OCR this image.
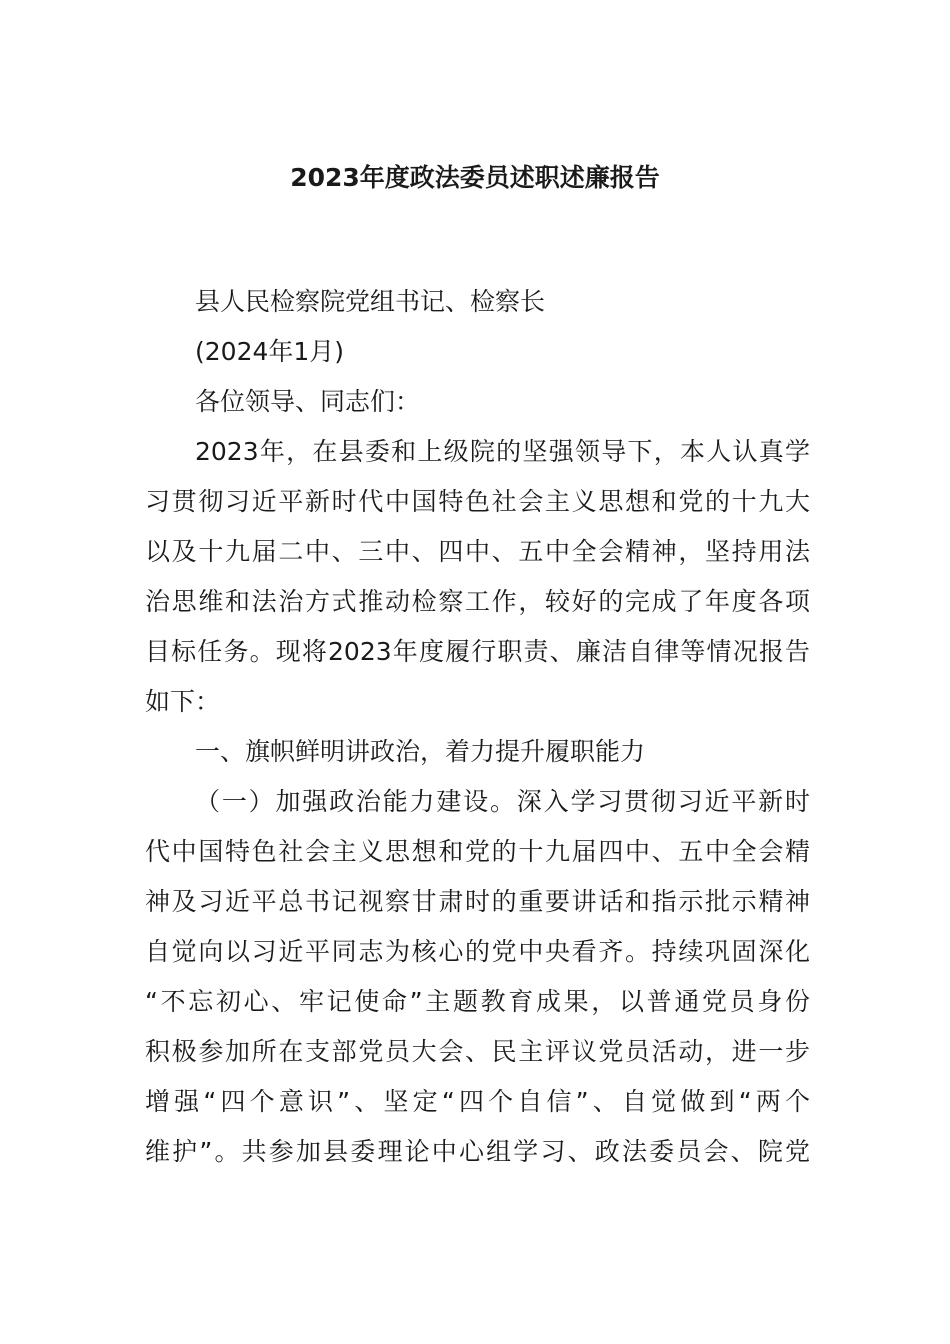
2023年度政法委员述职述廉报告

县人民检察院党组书记、检察长

(2024年1月)

各位领导、同志们：

2023年，在县委和上级院的坚强领导下，本人认真学

习贯彻习近平新时代中国特色社会主义思想和党的十九大

以及十九届二中、三中、四中、五中全会精神，坚持用法

治思维和法治方式推动检察工作，较好的完成了年度各项

目标任务。现将2023年度履行职责、廉洁自律等情况报告

如下：

一、旗帜鲜明讲政治，着力提升履职能力

（一）加强政治能力建设。深入学习贯彻习近平新时

代中国特色社会主义思想和党的十九届四中、五中全会精

神及习近平总书记视察甘肃时的重要讲话和指示批示精神

自觉向以习近平同志为核心的党中央看齐。持续巩固深化

“不忘初心、牢记使命”主题教育成果，以普通党员身份

积极参加所在支部党员大会、民主评议党员活动，进一步

增强“四个意识”、坚定“四个自信”、自觉做到“两个

维护”。共参加县委理论中心组学习、政法委员会、院党
